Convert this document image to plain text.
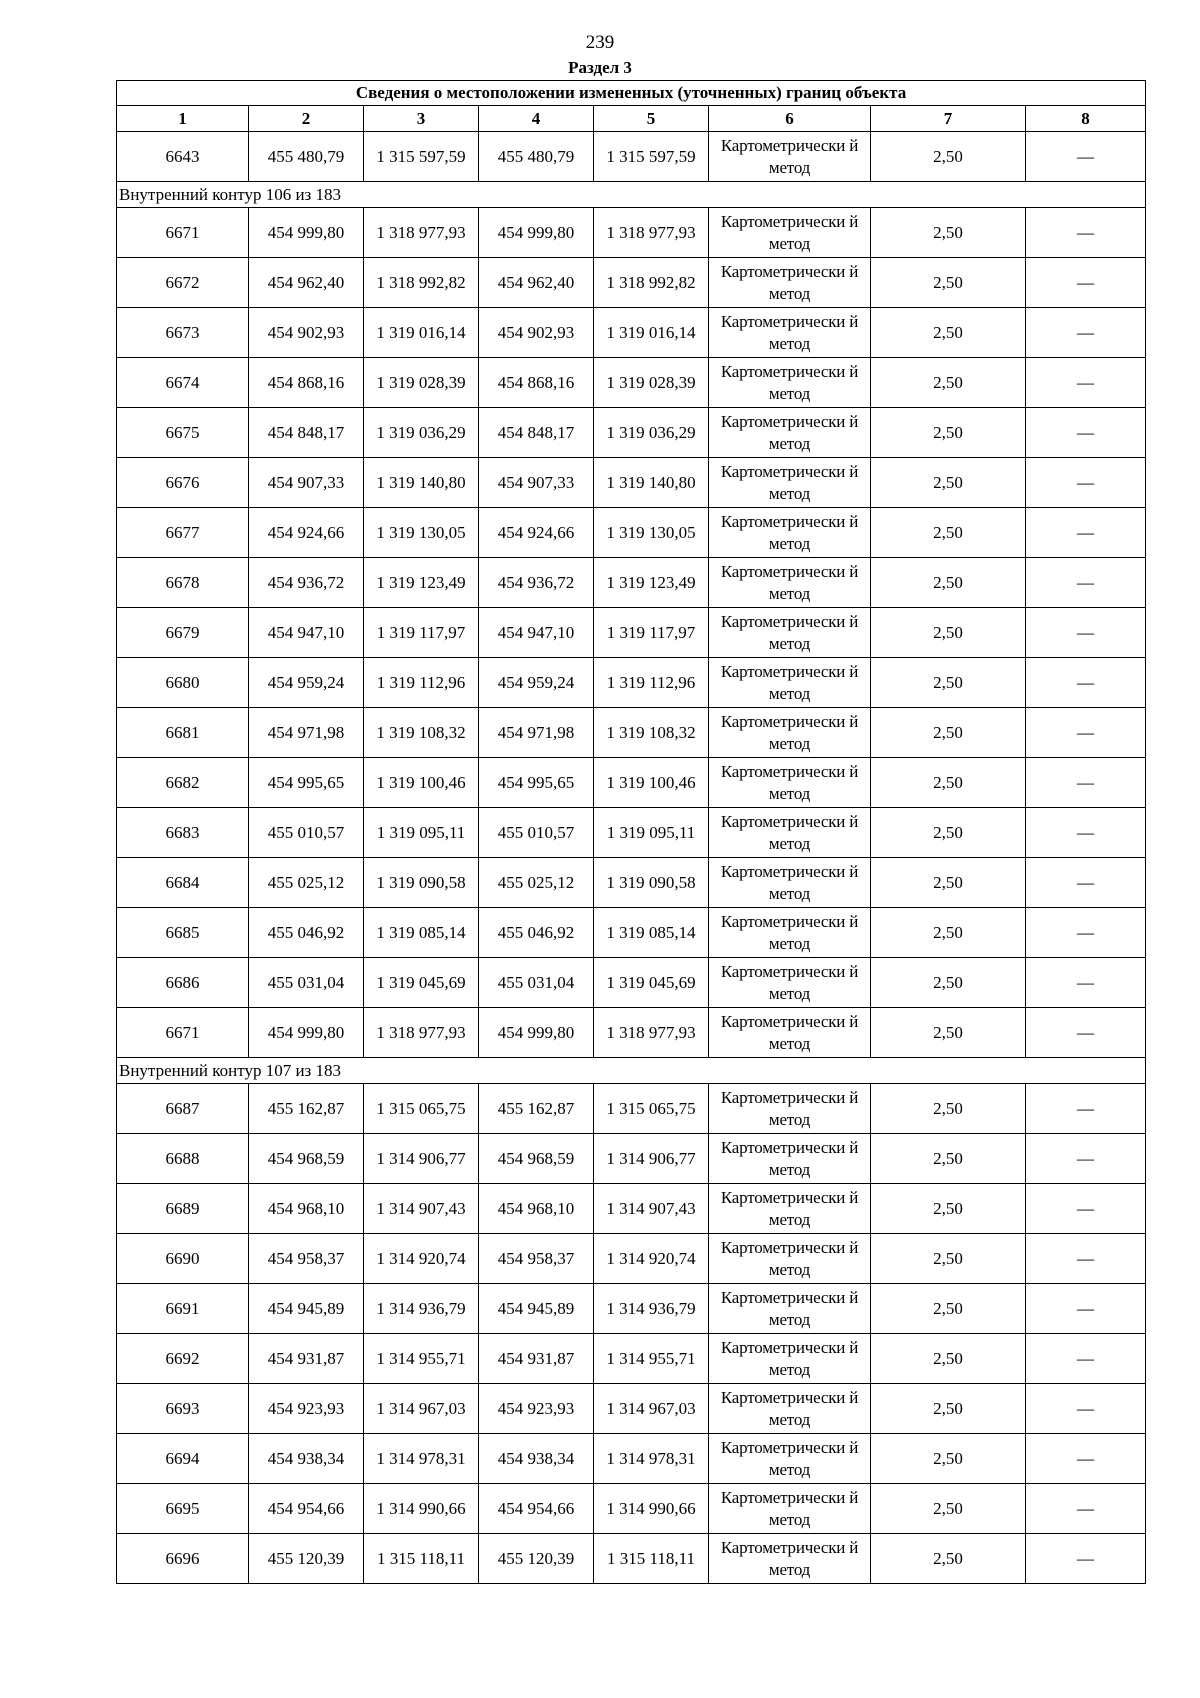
239
Раздел 3
Сведения о местоположении измененных (уточненных) границ объекта							
1	2	3	4	5	6	7	8
6643	455 480,79	1 315 597,59	455 480,79	1 315 597,59	Картометрически й метод	2,50	—
Внутренний контур 106 из 183							
6671	454 999,80	1 318 977,93	454 999,80	1 318 977,93	Картометрически й метод	2,50	—
6672	454 962,40	1 318 992,82	454 962,40	1 318 992,82	Картометрически й метод	2,50	—
6673	454 902,93	1 319 016,14	454 902,93	1 319 016,14	Картометрически й метод	2,50	—
6674	454 868,16	1 319 028,39	454 868,16	1 319 028,39	Картометрически й метод	2,50	—
6675	454 848,17	1 319 036,29	454 848,17	1 319 036,29	Картометрически й метод	2,50	—
6676	454 907,33	1 319 140,80	454 907,33	1 319 140,80	Картометрически й метод	2,50	—
6677	454 924,66	1 319 130,05	454 924,66	1 319 130,05	Картометрически й метод	2,50	—
6678	454 936,72	1 319 123,49	454 936,72	1 319 123,49	Картометрически й метод	2,50	—
6679	454 947,10	1 319 117,97	454 947,10	1 319 117,97	Картометрически й метод	2,50	—
6680	454 959,24	1 319 112,96	454 959,24	1 319 112,96	Картометрически й метод	2,50	—
6681	454 971,98	1 319 108,32	454 971,98	1 319 108,32	Картометрически й метод	2,50	—
6682	454 995,65	1 319 100,46	454 995,65	1 319 100,46	Картометрически й метод	2,50	—
6683	455 010,57	1 319 095,11	455 010,57	1 319 095,11	Картометрически й метод	2,50	—
6684	455 025,12	1 319 090,58	455 025,12	1 319 090,58	Картометрически й метод	2,50	—
6685	455 046,92	1 319 085,14	455 046,92	1 319 085,14	Картометрически й метод	2,50	—
6686	455 031,04	1 319 045,69	455 031,04	1 319 045,69	Картометрически й метод	2,50	—
6671	454 999,80	1 318 977,93	454 999,80	1 318 977,93	Картометрически й метод	2,50	—
Внутренний контур 107 из 183							
6687	455 162,87	1 315 065,75	455 162,87	1 315 065,75	Картометрически й метод	2,50	—
6688	454 968,59	1 314 906,77	454 968,59	1 314 906,77	Картометрически й метод	2,50	—
6689	454 968,10	1 314 907,43	454 968,10	1 314 907,43	Картометрически й метод	2,50	—
6690	454 958,37	1 314 920,74	454 958,37	1 314 920,74	Картометрически й метод	2,50	—
6691	454 945,89	1 314 936,79	454 945,89	1 314 936,79	Картометрически й метод	2,50	—
6692	454 931,87	1 314 955,71	454 931,87	1 314 955,71	Картометрически й метод	2,50	—
6693	454 923,93	1 314 967,03	454 923,93	1 314 967,03	Картометрически й метод	2,50	—
6694	454 938,34	1 314 978,31	454 938,34	1 314 978,31	Картометрически й метод	2,50	—
6695	454 954,66	1 314 990,66	454 954,66	1 314 990,66	Картометрически й метод	2,50	—
6696	455 120,39	1 315 118,11	455 120,39	1 315 118,11	Картометрически й метод	2,50	—
